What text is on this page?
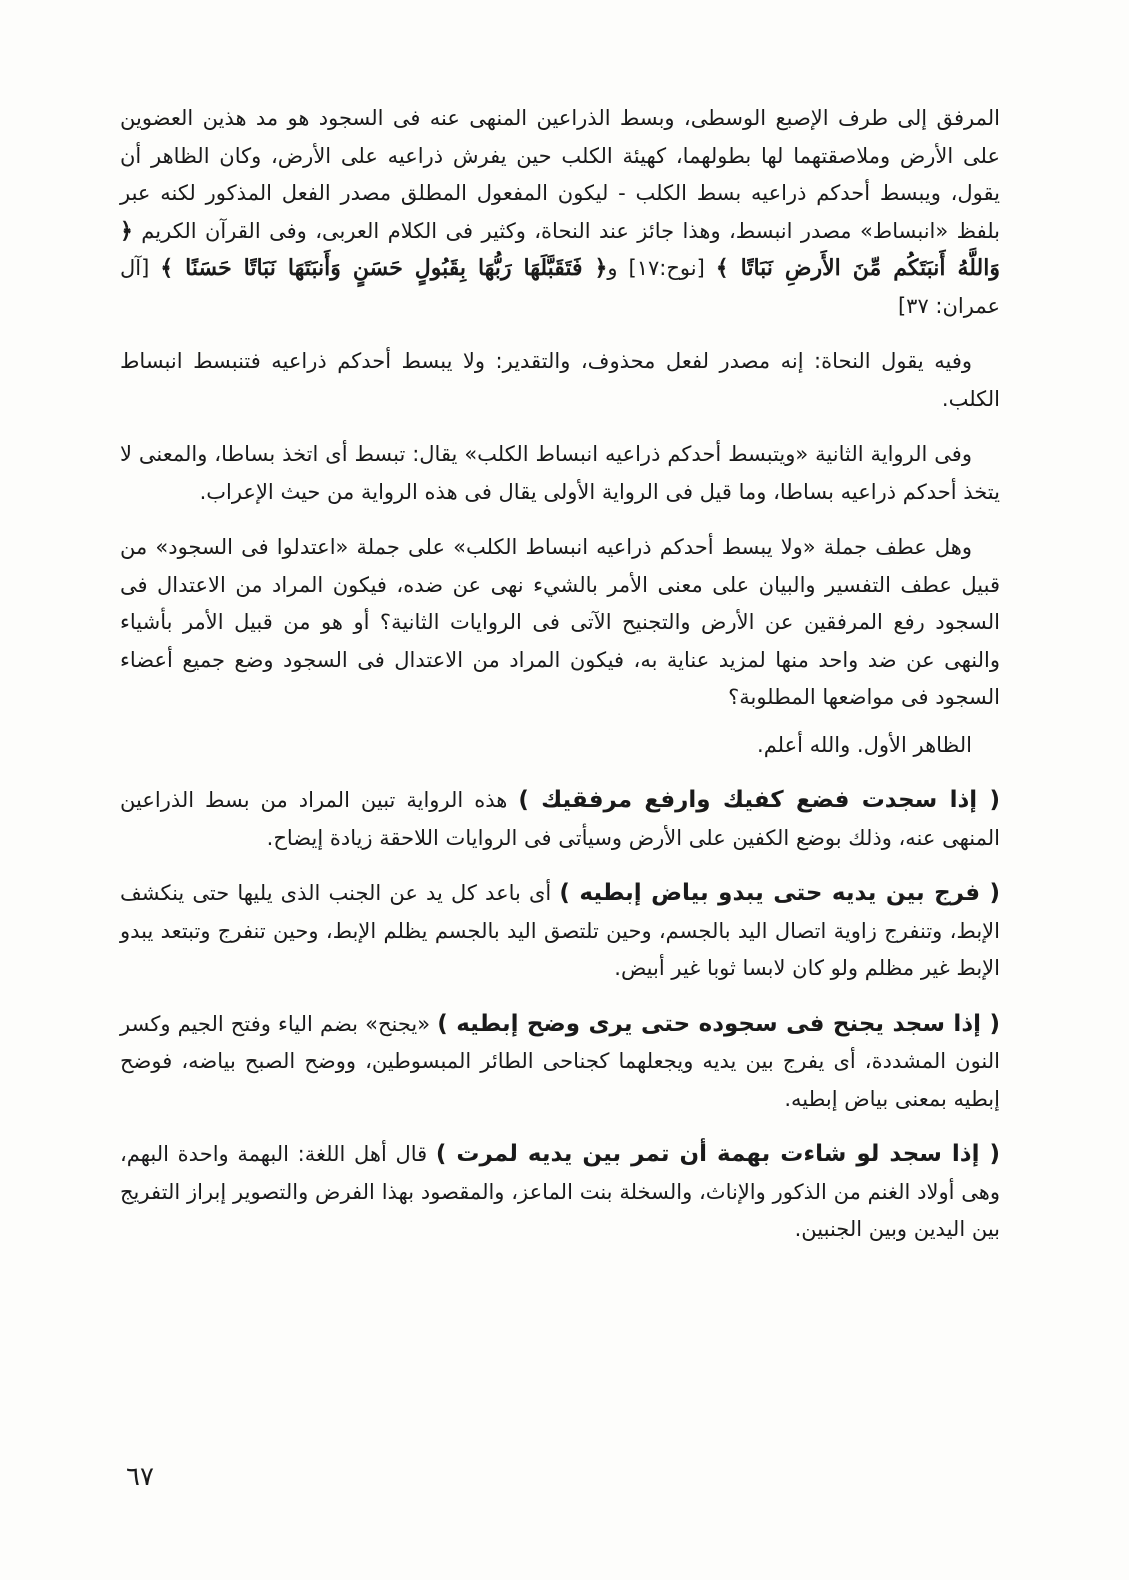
المرفق إلى طرف الإصبع الوسطى، وبسط الذراعين المنهى عنه فى السجود هو مد هذين العضوين على الأرض وملاصقتهما لها بطولهما، كهيئة الكلب حين يفرش ذراعيه على الأرض، وكان الظاهر أن يقول، ويبسط أحدكم ذراعيه بسط الكلب - ليكون المفعول المطلق مصدر الفعل المذكور لكنه عبر بلفظ «انبساط» مصدر انبسط، وهذا جائز عند النحاة، وكثير فى الكلام العربى، وفى القرآن الكريم ﴿ وَاللَّهُ أَنبَتَكُم مِّنَ الأَرضِ نَبَاتًا ﴾ [نوح:١٧] و﴿ فَتَقَبَّلَهَا رَبُّهَا بِقَبُولٍ حَسَنٍ وَأَنبَتَهَا نَبَاتًا حَسَنًا ﴾ [آل عمران: ٣٧]

وفيه يقول النحاة: إنه مصدر لفعل محذوف، والتقدير: ولا يبسط أحدكم ذراعيه فتنبسط انبساط الكلب.

وفى الرواية الثانية «ويتبسط أحدكم ذراعيه انبساط الكلب» يقال: تبسط أى اتخذ بساطا، والمعنى لا يتخذ أحدكم ذراعيه بساطا، وما قيل فى الرواية الأولى يقال فى هذه الرواية من حيث الإعراب.

وهل عطف جملة «ولا يبسط أحدكم ذراعيه انبساط الكلب» على جملة «اعتدلوا فى السجود» من قبيل عطف التفسير والبيان على معنى الأمر بالشيء نهى عن ضده، فيكون المراد من الاعتدال فى السجود رفع المرفقين عن الأرض والتجنيح الآتى فى الروايات الثانية؟ أو هو من قبيل الأمر بأشياء والنهى عن ضد واحد منها لمزيد عناية به، فيكون المراد من الاعتدال فى السجود وضع جميع أعضاء السجود فى مواضعها المطلوبة؟

الظاهر الأول. والله أعلم.

( إذا سجدت فضع كفيك وارفع مرفقيك ) هذه الرواية تبين المراد من بسط الذراعين المنهى عنه، وذلك بوضع الكفين على الأرض وسيأتى فى الروايات اللاحقة زيادة إيضاح.

( فرج بين يديه حتى يبدو بياض إبطيه ) أى باعد كل يد عن الجنب الذى يليها حتى ينكشف الإبط، وتنفرج زاوية اتصال اليد بالجسم، وحين تلتصق اليد بالجسم يظلم الإبط، وحين تنفرج وتبتعد يبدو الإبط غير مظلم ولو كان لابسا ثوبا غير أبيض.

( إذا سجد يجنح فى سجوده حتى يرى وضح إبطيه ) «يجنح» بضم الياء وفتح الجيم وكسر النون المشددة، أى يفرج بين يديه ويجعلهما كجناحى الطائر المبسوطين، ووضح الصبح بياضه، فوضح إبطيه بمعنى بياض إبطيه.

( إذا سجد لو شاءت بهمة أن تمر بين يديه لمرت ) قال أهل اللغة: البهمة واحدة البهم، وهى أولاد الغنم من الذكور والإناث، والسخلة بنت الماعز، والمقصود بهذا الفرض والتصوير إبراز التفريج بين اليدين وبين الجنبين.

٦٧
